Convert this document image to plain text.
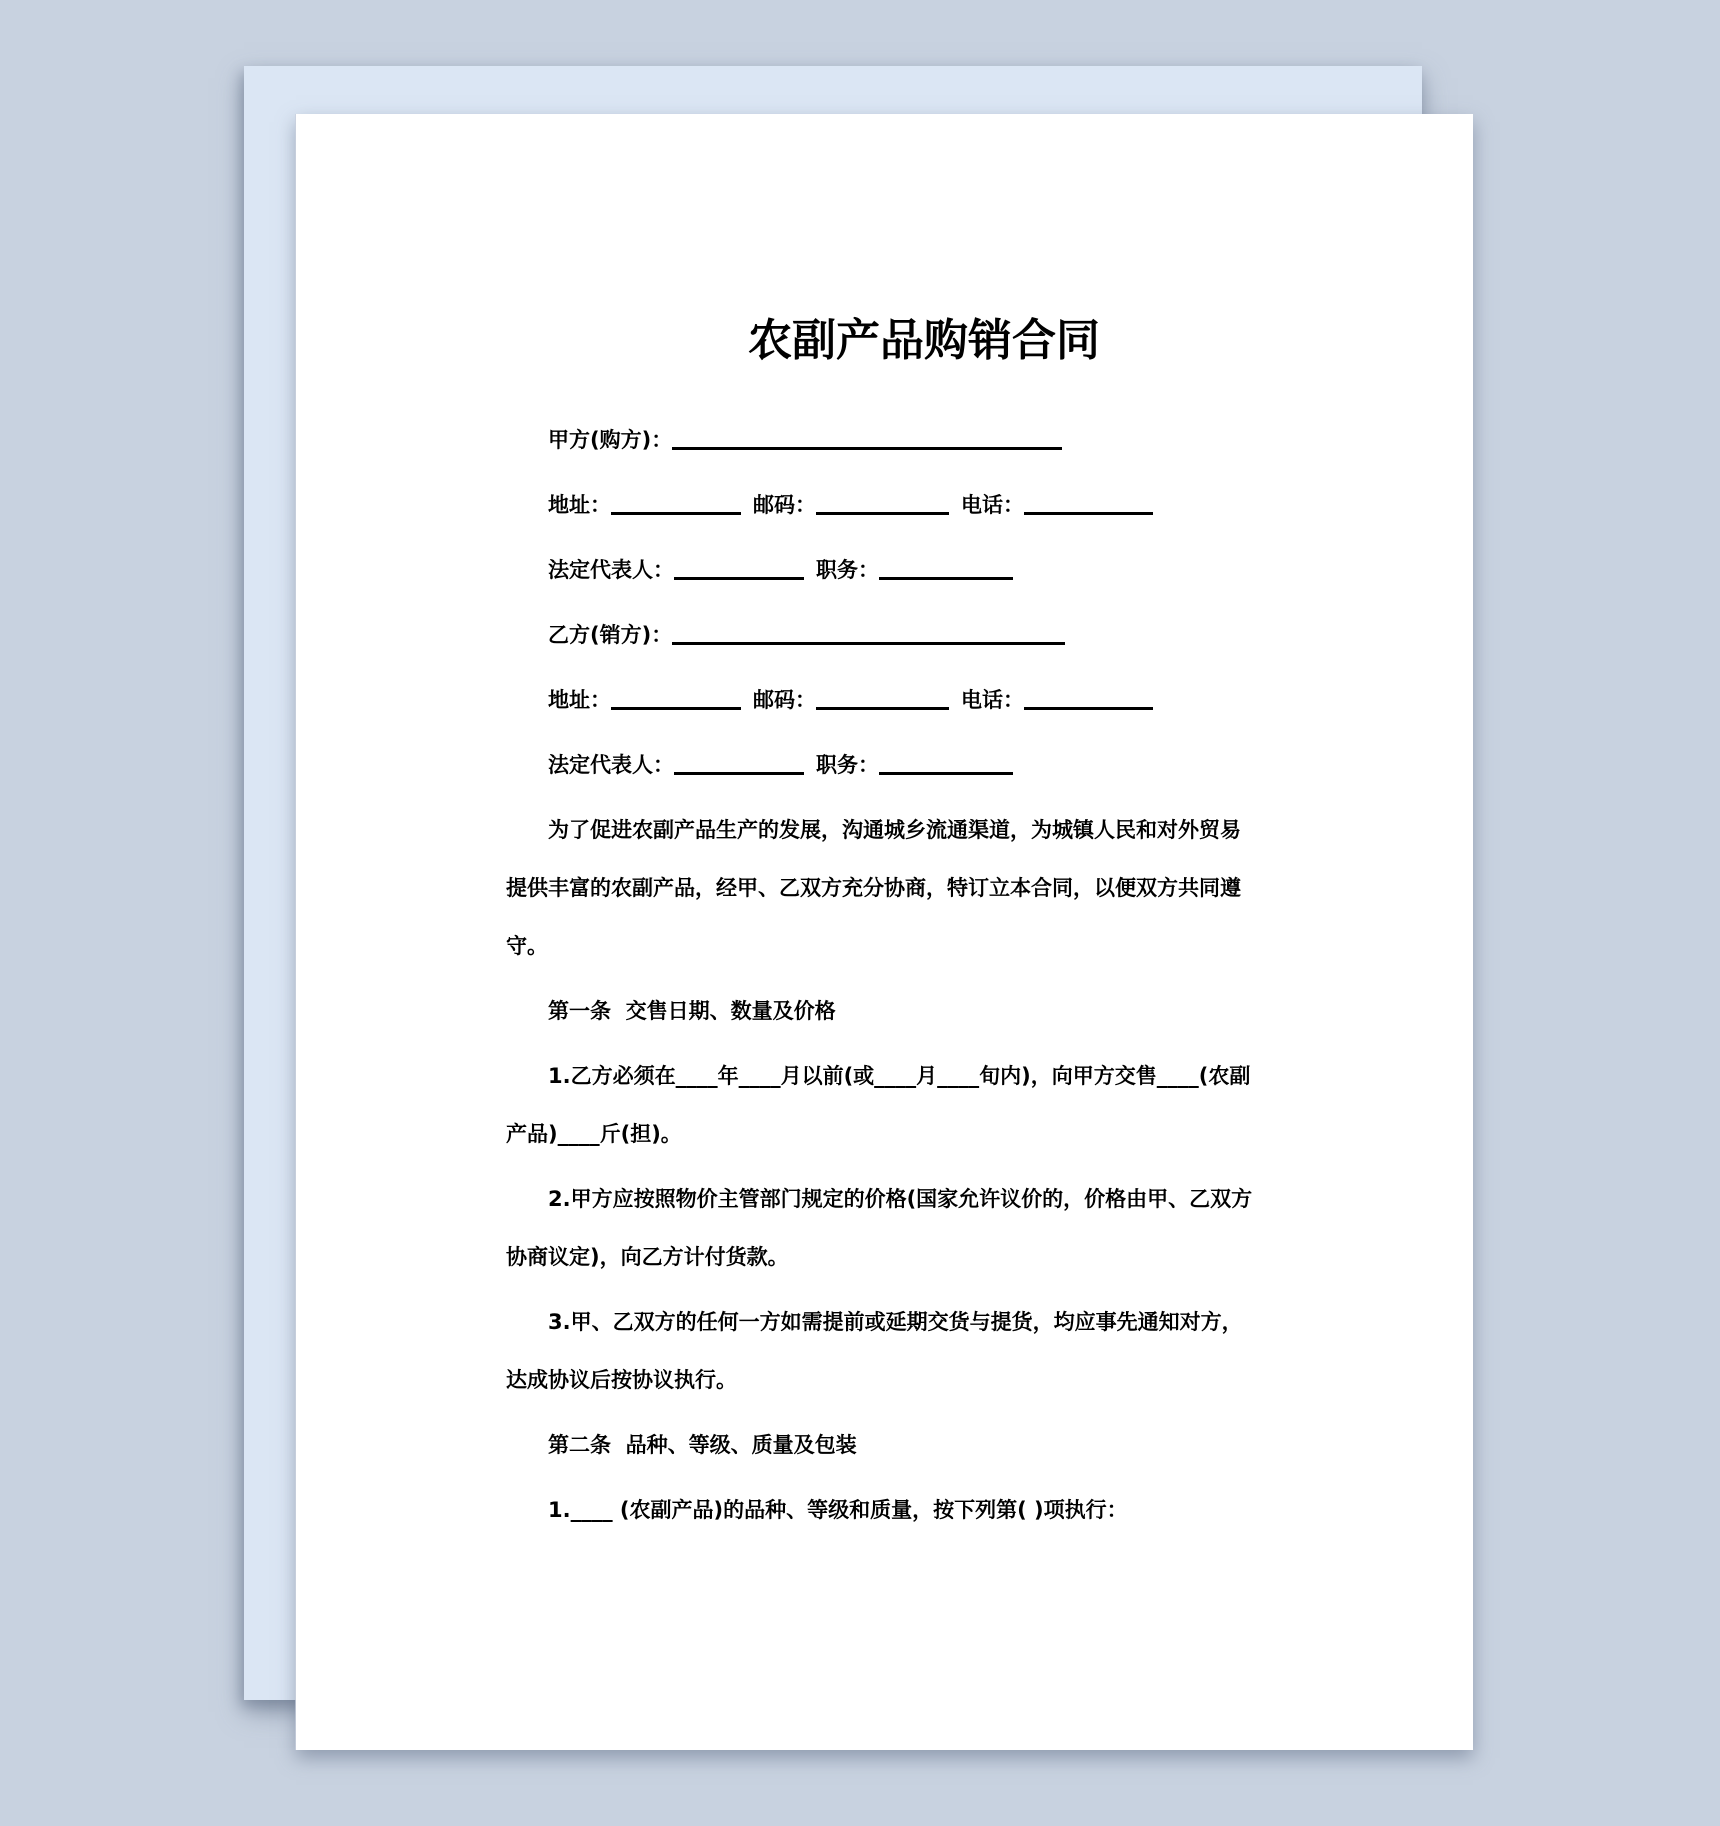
农副产品购销合同
甲方(购方)：
地址：	邮码：	电话：
法定代表人：	职务：
乙方(销方)：
地址：	邮码：	电话：
法定代表人：	职务：
为了促进农副产品生产的发展，沟通城乡流通渠道，为城镇人民和对外贸易
提供丰富的农副产品，经甲、乙双方充分协商，特订立本合同，以便双方共同遵
守。
第一条  交售日期、数量及价格
1.乙方必须在____年____月以前(或____月____旬内)，向甲方交售____(农副
产品)____斤(担)。
2.甲方应按照物价主管部门规定的价格(国家允许议价的，价格由甲、乙双方
协商议定)，向乙方计付货款。
3.甲、乙双方的任何一方如需提前或延期交货与提货，均应事先通知对方，
达成协议后按协议执行。
第二条  品种、等级、质量及包装
1.____ (农副产品)的品种、等级和质量，按下列第( )项执行：
